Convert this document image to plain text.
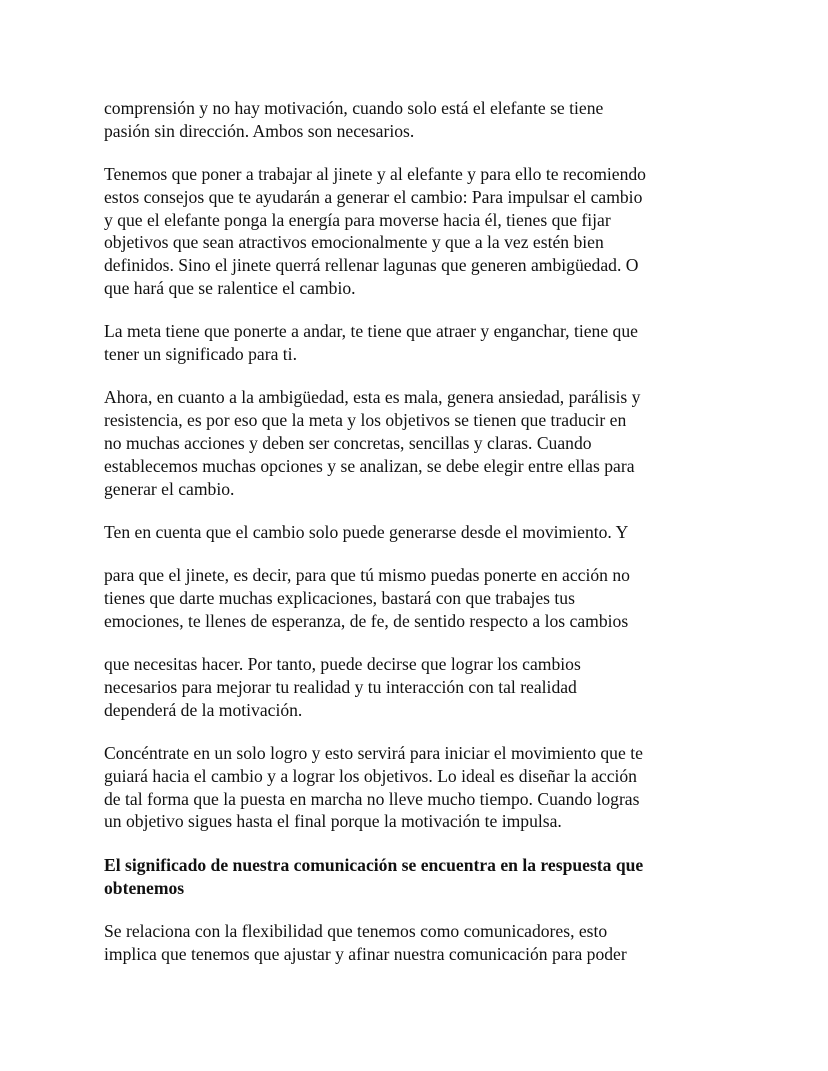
comprensión y no hay motivación, cuando solo está el elefante se tiene
pasión sin dirección. Ambos son necesarios.

Tenemos que poner a trabajar al jinete y al elefante y para ello te recomiendo
estos consejos que te ayudarán a generar el cambio: Para impulsar el cambio
y que el elefante ponga la energía para moverse hacia él, tienes que fijar
objetivos que sean atractivos emocionalmente y que a la vez estén bien
definidos. Sino el jinete querrá rellenar lagunas que generen ambigüedad. O
que hará que se ralentice el cambio.

La meta tiene que ponerte a andar, te tiene que atraer y enganchar, tiene que
tener un significado para ti.

Ahora, en cuanto a la ambigüedad, esta es mala, genera ansiedad, parálisis y
resistencia, es por eso que la meta y los objetivos se tienen que traducir en
no muchas acciones y deben ser concretas, sencillas y claras. Cuando
establecemos muchas opciones y se analizan, se debe elegir entre ellas para
generar el cambio.

Ten en cuenta que el cambio solo puede generarse desde el movimiento. Y

para que el jinete, es decir, para que tú mismo puedas ponerte en acción no
tienes que darte muchas explicaciones, bastará con que trabajes tus
emociones, te llenes de esperanza, de fe, de sentido respecto a los cambios

que necesitas hacer. Por tanto, puede decirse que lograr los cambios
necesarios para mejorar tu realidad y tu interacción con tal realidad
dependerá de la motivación.

Concéntrate en un solo logro y esto servirá para iniciar el movimiento que te
guiará hacia el cambio y a lograr los objetivos. Lo ideal es diseñar la acción
de tal forma que la puesta en marcha no lleve mucho tiempo. Cuando logras
un objetivo sigues hasta el final porque la motivación te impulsa.

El significado de nuestra comunicación se encuentra en la respuesta que
obtenemos

Se relaciona con la flexibilidad que tenemos como comunicadores, esto
implica que tenemos que ajustar y afinar nuestra comunicación para poder
